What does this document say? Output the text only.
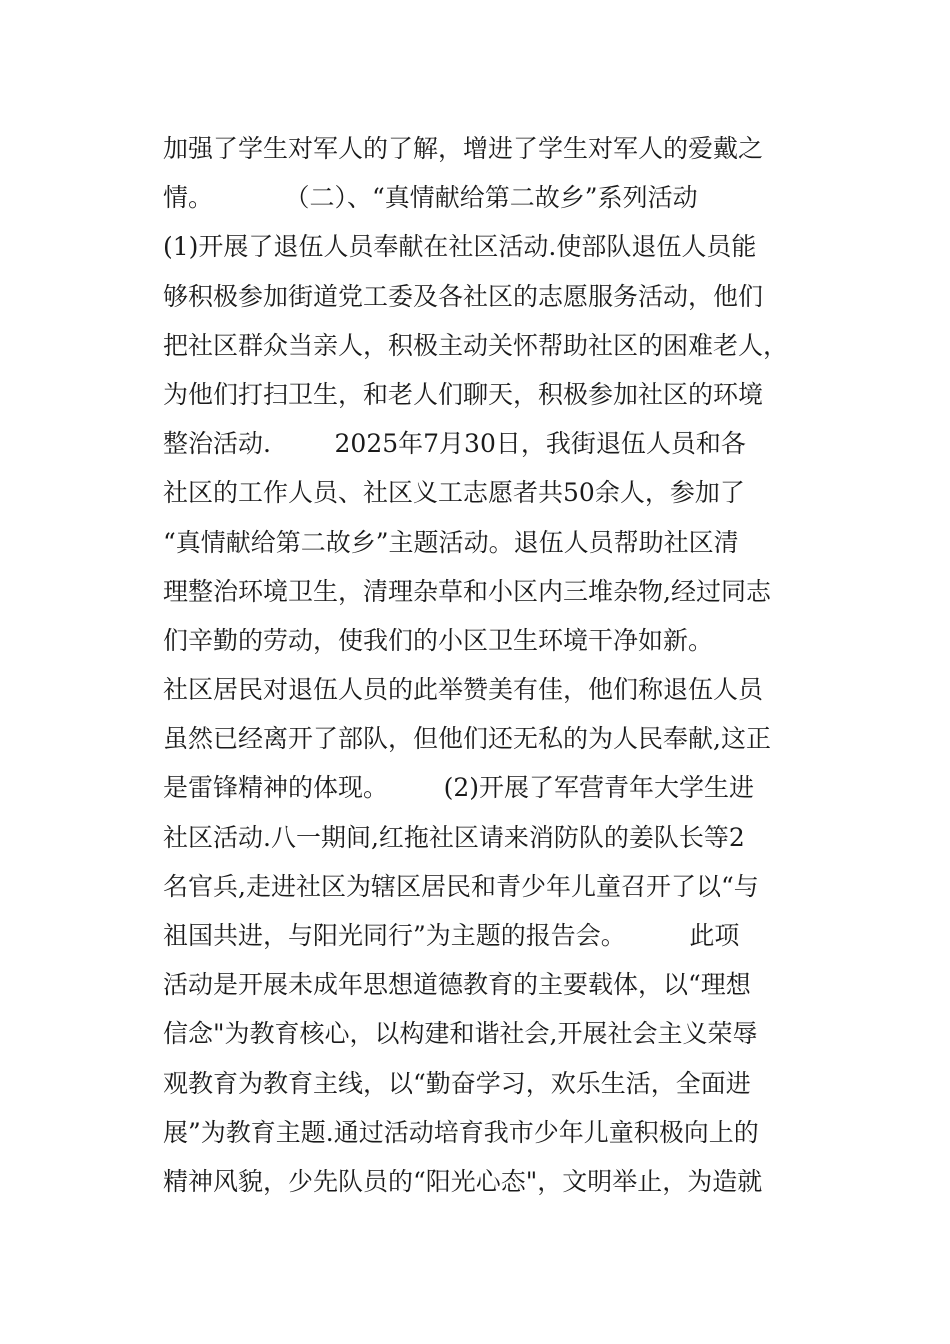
加强了学生对军人的了解，增进了学生对军人的爱戴之
情。         （二）、“真情献给第二故乡”系列活动
(1)开展了退伍人员奉献在社区活动.使部队退伍人员能
够积极参加街道党工委及各社区的志愿服务活动，他们
把社区群众当亲人，积极主动关怀帮助社区的困难老人，
为他们打扫卫生，和老人们聊天，积极参加社区的环境
整治活动.        2025年7月30日，我街退伍人员和各
社区的工作人员、社区义工志愿者共50余人，参加了
“真情献给第二故乡”主题活动。退伍人员帮助社区清
理整治环境卫生，清理杂草和小区内三堆杂物,经过同志
们辛勤的劳动，使我们的小区卫生环境干净如新。
社区居民对退伍人员的此举赞美有佳，他们称退伍人员
虽然已经离开了部队，但他们还无私的为人民奉献,这正
是雷锋精神的体现。       (2)开展了军营青年大学生进
社区活动.八一期间,红拖社区请来消防队的姜队长等2
名官兵,走进社区为辖区居民和青少年儿童召开了以“与
祖国共进，与阳光同行”为主题的报告会。        此项
活动是开展未成年思想道德教育的主要载体，以“理想
信念"为教育核心，以构建和谐社会,开展社会主义荣辱
观教育为教育主线，以“勤奋学习，欢乐生活，全面进
展”为教育主题.通过活动培育我市少年儿童积极向上的
精神风貌，少先队员的“阳光心态"，文明举止，为造就
